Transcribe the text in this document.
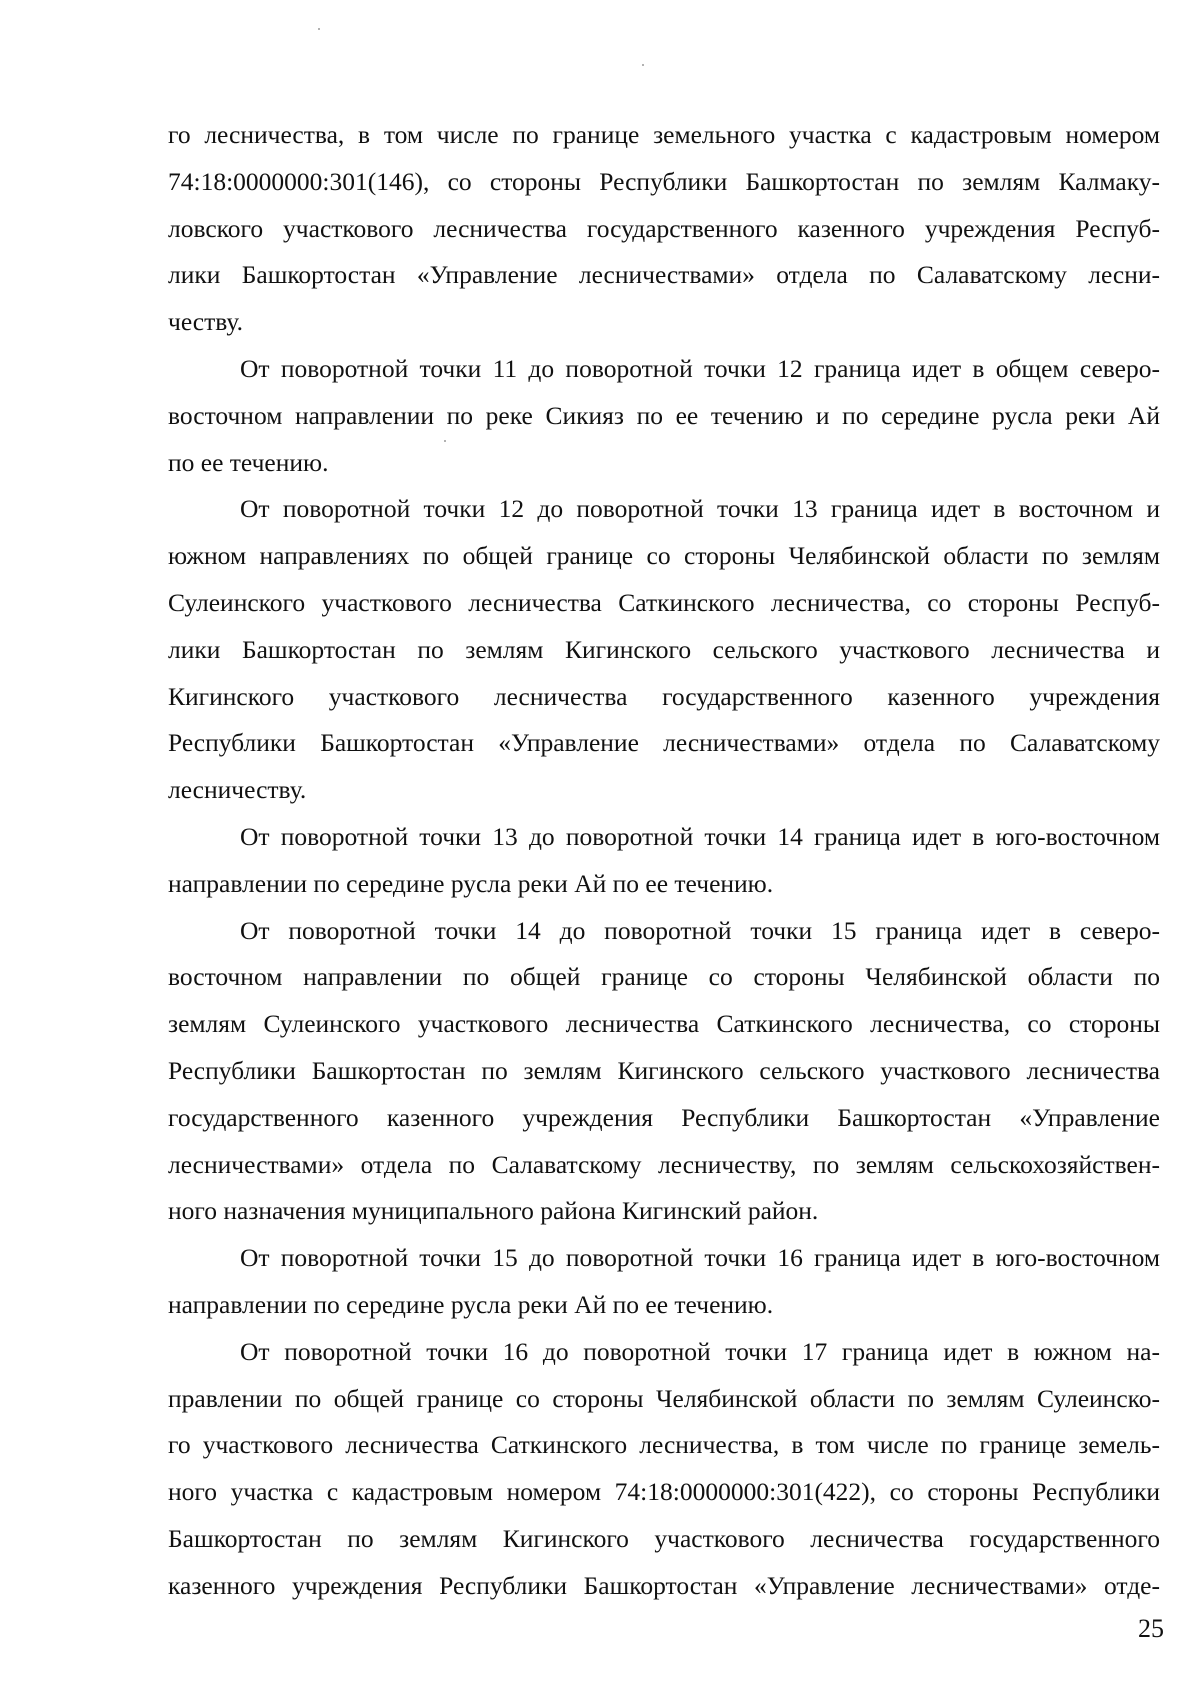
го лесничества, в том числе по границе земельного участка с кадастровым номером
74:18:0000000:301(146), со стороны Республики Башкортостан по землям Калмаку-
ловского участкового лесничества государственного казенного учреждения Респуб-
лики Башкортостан «Управление лесничествами» отдела по Салаватскому лесни-
честву.

От поворотной точки 11 до поворотной точки 12 граница идет в общем северо-
восточном направлении по реке Сикияз по ее течению и по середине русла реки Ай
по ее течению.

От поворотной точки 12 до поворотной точки 13 граница идет в восточном и
южном направлениях по общей границе со стороны Челябинской области по землям
Сулеинского участкового лесничества Саткинского лесничества, со стороны Респуб-
лики Башкортостан по землям Кигинского сельского участкового лесничества и
Кигинского участкового лесничества государственного казенного учреждения
Республики Башкортостан «Управление лесничествами» отдела по Салаватскому
лесничеству.

От поворотной точки 13 до поворотной точки 14 граница идет в юго-восточном
направлении по середине русла реки Ай по ее течению.

От поворотной точки 14 до поворотной точки 15 граница идет в северо-
восточном направлении по общей границе со стороны Челябинской области по
землям Сулеинского участкового лесничества Саткинского лесничества, со стороны
Республики Башкортостан по землям Кигинского сельского участкового лесничества
государственного казенного учреждения Республики Башкортостан «Управление
лесничествами» отдела по Салаватскому лесничеству, по землям сельскохозяйствен-
ного назначения муниципального района Кигинский район.

От поворотной точки 15 до поворотной точки 16 граница идет в юго-восточном
направлении по середине русла реки Ай по ее течению.

От поворотной точки 16 до поворотной точки 17 граница идет в южном на-
правлении по общей границе со стороны Челябинской области по землям Сулеинско-
го участкового лесничества Саткинского лесничества, в том числе по границе земель-
ного участка с кадастровым номером 74:18:0000000:301(422), со стороны Республики
Башкортостан по землям Кигинского участкового лесничества государственного
казенного учреждения Республики Башкортостан «Управление лесничествами» отде-

25
